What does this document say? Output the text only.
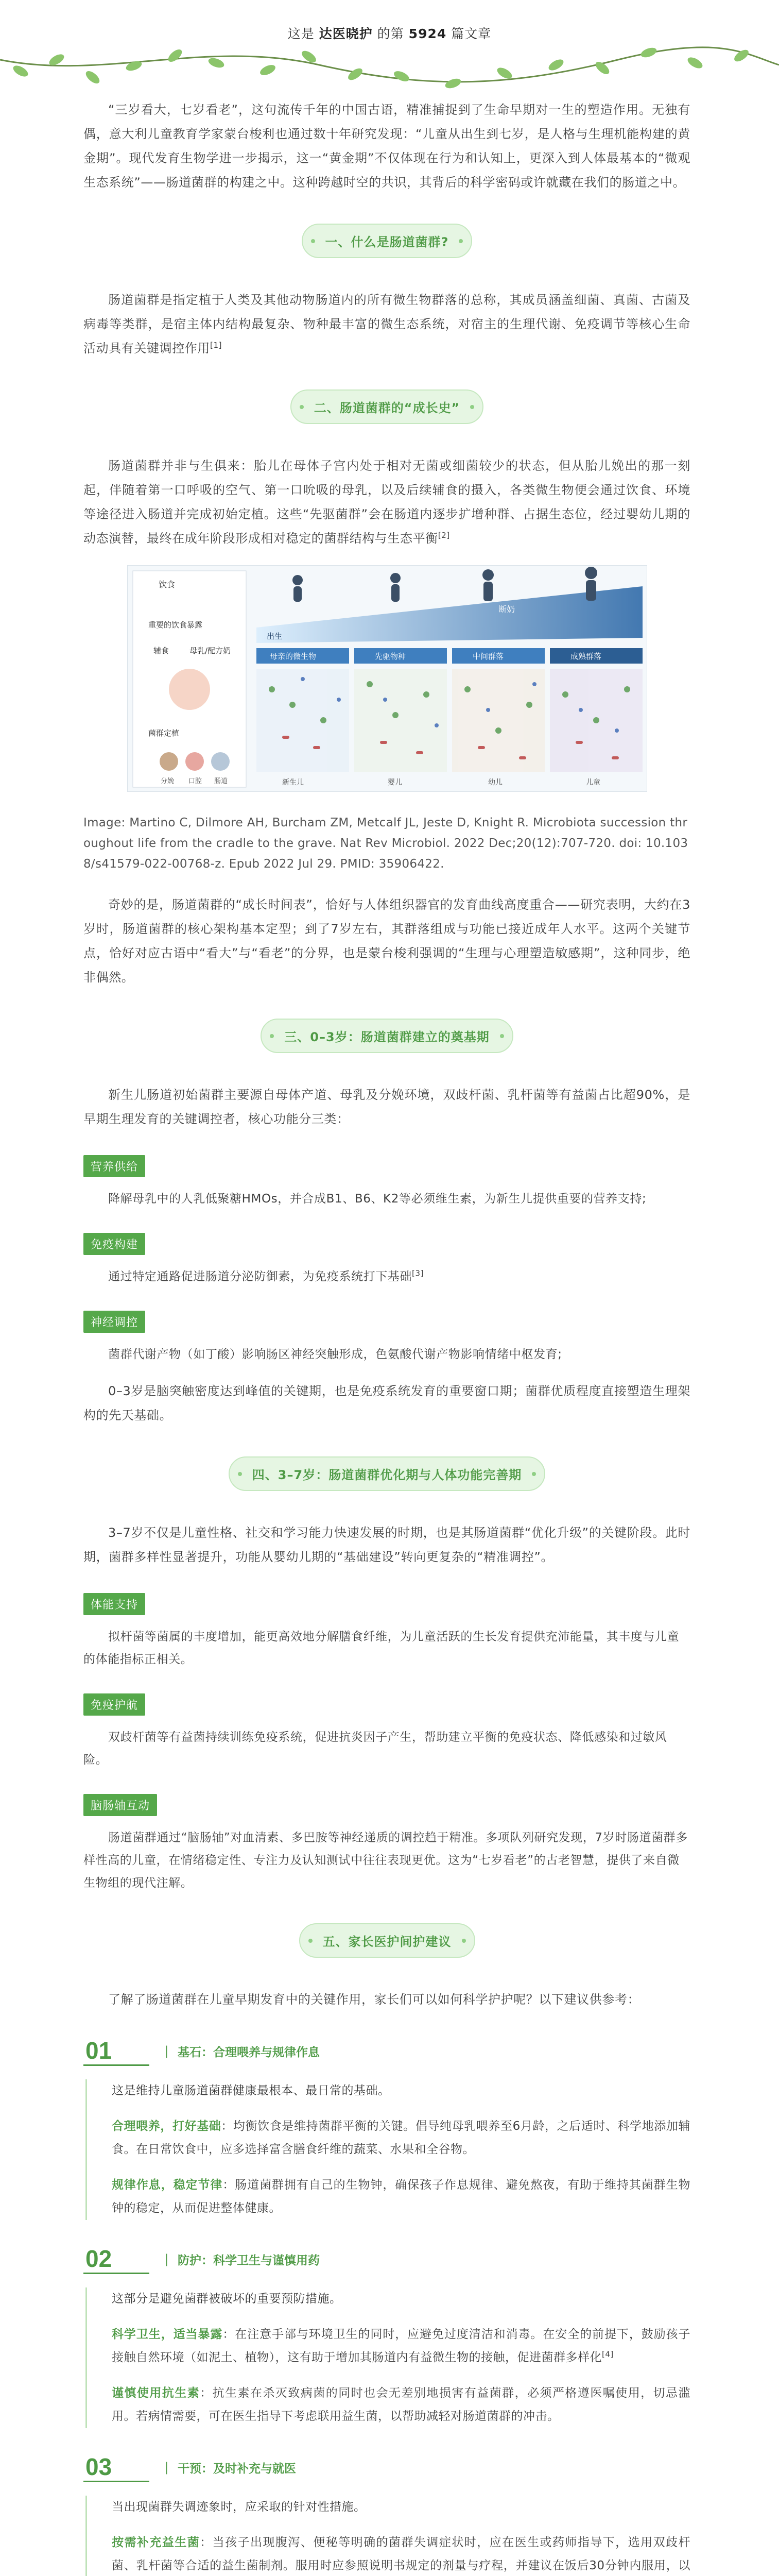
这是 达医晓护 的第 5924 篇文章

“三岁看大，七岁看老”，这句流传千年的中国古语，精准捕捉到了生命早期对一生的塑造作用。无独有偶，意大利儿童教育学家蒙台梭利也通过数十年研究发现：“儿童从出生到七岁，是人格与生理机能构建的黄金期”。现代发育生物学进一步揭示，这一“黄金期”不仅体现在行为和认知上，更深入到人体最基本的“微观生态系统”——肠道菌群的构建之中。这种跨越时空的共识，其背后的科学密码或许就藏在我们的肠道之中。

一、什么是肠道菌群?

肠道菌群是指定植于人类及其他动物肠道内的所有微生物群落的总称，其成员涵盖细菌、真菌、古菌及病毒等类群，是宿主体内结构最复杂、物种最丰富的微生态系统，对宿主的生理代谢、免疫调节等核心生命活动具有关键调控作用[1]

二、肠道菌群的“成长史”

肠道菌群并非与生俱来：胎儿在母体子宫内处于相对无菌或细菌较少的状态，但从胎儿娩出的那一刻起，伴随着第一口呼吸的空气、第一口吮吸的母乳，以及后续辅食的摄入，各类微生物便会通过饮食、环境等途径进入肠道并完成初始定植。这些“先驱菌群”会在肠道内逐步扩增种群、占据生态位，经过婴幼儿期的动态演替，最终在成年阶段形成相对稳定的菌群结构与生态平衡[2]

饮食
重要的饮食暴露
辅食	母乳/配方奶
菌群定植
分娩 口腔 肠道
断奶
出生
母亲的微生物	先驱物种	中间群落	成熟群落
新生儿	婴儿	幼儿	儿童

Image: Martino C, Dilmore AH, Burcham ZM, Metcalf JL, Jeste D, Knight R. Microbiota succession throughout life from the cradle to the grave. Nat Rev Microbiol. 2022 Dec;20(12):707-720. doi: 10.1038/s41579-022-00768-z. Epub 2022 Jul 29. PMID: 35906422.

奇妙的是，肠道菌群的“成长时间表”，恰好与人体组织器官的发育曲线高度重合——研究表明，大约在3岁时，肠道菌群的核心架构基本定型；到了7岁左右，其群落组成与功能已接近成年人水平。这两个关键节点，恰好对应古语中“看大”与“看老”的分界，也是蒙台梭利强调的“生理与心理塑造敏感期”，这种同步，绝非偶然。

三、0–3岁：肠道菌群建立的奠基期

新生儿肠道初始菌群主要源自母体产道、母乳及分娩环境，双歧杆菌、乳杆菌等有益菌占比超90%，是早期生理发育的关键调控者，核心功能分三类：

营养供给

降解母乳中的人乳低聚糖HMOs，并合成B1、B6、K2等必须维生素，为新生儿提供重要的营养支持;

免疫构建

通过特定通路促进肠道分泌防御素，为免疫系统打下基础[3]

神经调控

菌群代谢产物（如丁酸）影响肠区神经突触形成，色氨酸代谢产物影响情绪中枢发育;

0–3岁是脑突触密度达到峰值的关键期，也是免疫系统发育的重要窗口期；菌群优质程度直接塑造生理架构的先天基础。

四、3–7岁：肠道菌群优化期与人体功能完善期

3–7岁不仅是儿童性格、社交和学习能力快速发展的时期，也是其肠道菌群“优化升级”的关键阶段。此时期，菌群多样性显著提升，功能从婴幼儿期的“基础建设”转向更复杂的“精准调控”。

体能支持

拟杆菌等菌属的丰度增加，能更高效地分解膳食纤维，为儿童活跃的生长发育提供充沛能量，其丰度与儿童的体能指标正相关。

免疫护航

双歧杆菌等有益菌持续训练免疫系统，促进抗炎因子产生，帮助建立平衡的免疫状态、降低感染和过敏风险。

脑肠轴互动

肠道菌群通过“脑肠轴”对血清素、多巴胺等神经递质的调控趋于精准。多项队列研究发现，7岁时肠道菌群多样性高的儿童，在情绪稳定性、专注力及认知测试中往往表现更优。这为“七岁看老”的古老智慧，提供了来自微生物组的现代注解。

五、家长医护间护建议

了解了肠道菌群在儿童早期发育中的关键作用，家长们可以如何科学护护呢？以下建议供参考：

01	｜ 基石：合理喂养与规律作息

这是维持儿童肠道菌群健康最根本、最日常的基础。

合理喂养，打好基础：均衡饮食是维持菌群平衡的关键。倡导纯母乳喂养至6月龄，之后适时、科学地添加辅食。在日常饮食中，应多选择富含膳食纤维的蔬菜、水果和全谷物。

规律作息，稳定节律：肠道菌群拥有自己的生物钟，确保孩子作息规律、避免熬夜，有助于维持其菌群生物钟的稳定，从而促进整体健康。

02	｜ 防护：科学卫生与谨慎用药

这部分是避免菌群被破坏的重要预防措施。

科学卫生，适当暴露：在注意手部与环境卫生的同时，应避免过度清洁和消毒。在安全的前提下，鼓励孩子接触自然环境（如泥土、植物），这有助于增加其肠道内有益微生物的接触，促进菌群多样化[4]

谨慎使用抗生素：抗生素在杀灭致病菌的同时也会无差别地损害有益菌群，必须严格遵医嘱使用，切忌滥用。若病情需要，可在医生指导下考虑联用益生菌，以帮助减轻对肠道菌群的冲击。

03	｜ 干预：及时补充与就医

当出现菌群失调迹象时，应采取的针对性措施。

按需补充益生菌：当孩子出现腹泻、便秘等明确的菌群失调症状时，应在医生或药师指导下，选用双歧杆菌、乳杆菌等合适的益生菌制剂。服用时应参照说明书规定的剂量与疗程，并建议在饭后30分钟内服用，以
